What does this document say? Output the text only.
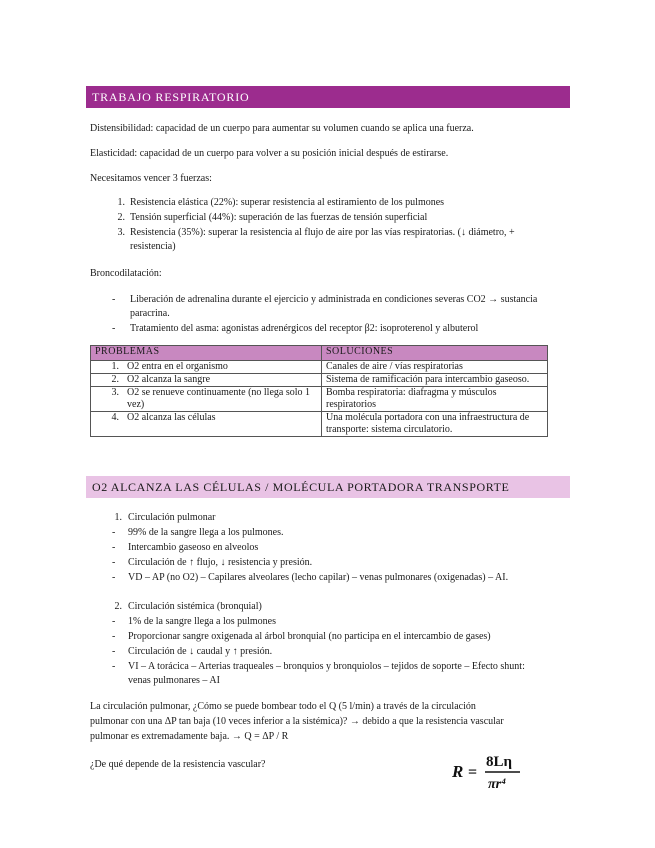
TRABAJO RESPIRATORIO
Distensibilidad: capacidad de un cuerpo para aumentar su volumen cuando se aplica una fuerza.
Elasticidad: capacidad de un cuerpo para volver a su posición inicial después de estirarse.
Necesitamos vencer 3 fuerzas:
1. Resistencia elástica (22%): superar resistencia al estiramiento de los pulmones
2. Tensión superficial (44%): superación de las fuerzas de tensión superficial
3. Resistencia (35%): superar la resistencia al flujo de aire por las vías respiratorias. (↓ diámetro, +
resistencia)
Broncodilatación:
- Liberación de adrenalina durante el ejercicio y administrada en condiciones severas CO2 → sustancia
paracrina.
- Tratamiento del asma: agonistas adrenérgicos del receptor β2: isoproterenol y albuterol
PROBLEMAS		SOLUCIONES
1.	O2 entra en el organismo	Canales de aire / vías respiratorias
2.	O2 alcanza la sangre	Sistema de ramificación para intercambio gaseoso.
3.	O2 se renueve continuamente (no llega solo 1 vez)	Bomba respiratoria: diafragma y músculos respiratorios
4.	O2 alcanza las células	Una molécula portadora con una infraestructura de transporte: sistema circulatorio.
O2 ALCANZA LAS CÉLULAS / MOLÉCULA PORTADORA TRANSPORTE
1. Circulación pulmonar
- 99% de la sangre llega a los pulmones.
- Intercambio gaseoso en alveolos
- Circulación de ↑ flujo, ↓ resistencia y presión.
- VD – AP (no O2) – Capilares alveolares (lecho capilar) – venas pulmonares (oxigenadas) – AI.
2. Circulación sistémica (bronquial)
- 1% de la sangre llega a los pulmones
- Proporcionar sangre oxigenada al árbol bronquial (no participa en el intercambio de gases)
- Circulación de ↓ caudal y ↑ presión.
- VI – A torácica – Arterias traqueales – bronquios y bronquiolos – tejidos de soporte – Efecto shunt:
venas pulmonares – AI
La circulación pulmonar, ¿Cómo se puede bombear todo el Q (5 l/min) a través de la circulación
pulmonar con una ΔP tan baja (10 veces inferior a la sistémica)? → debido a que la resistencia vascular
pulmonar es extremadamente baja. → Q = ΔP / R
¿De qué depende de la resistencia vascular?	R =
8Lη
πr⁴
